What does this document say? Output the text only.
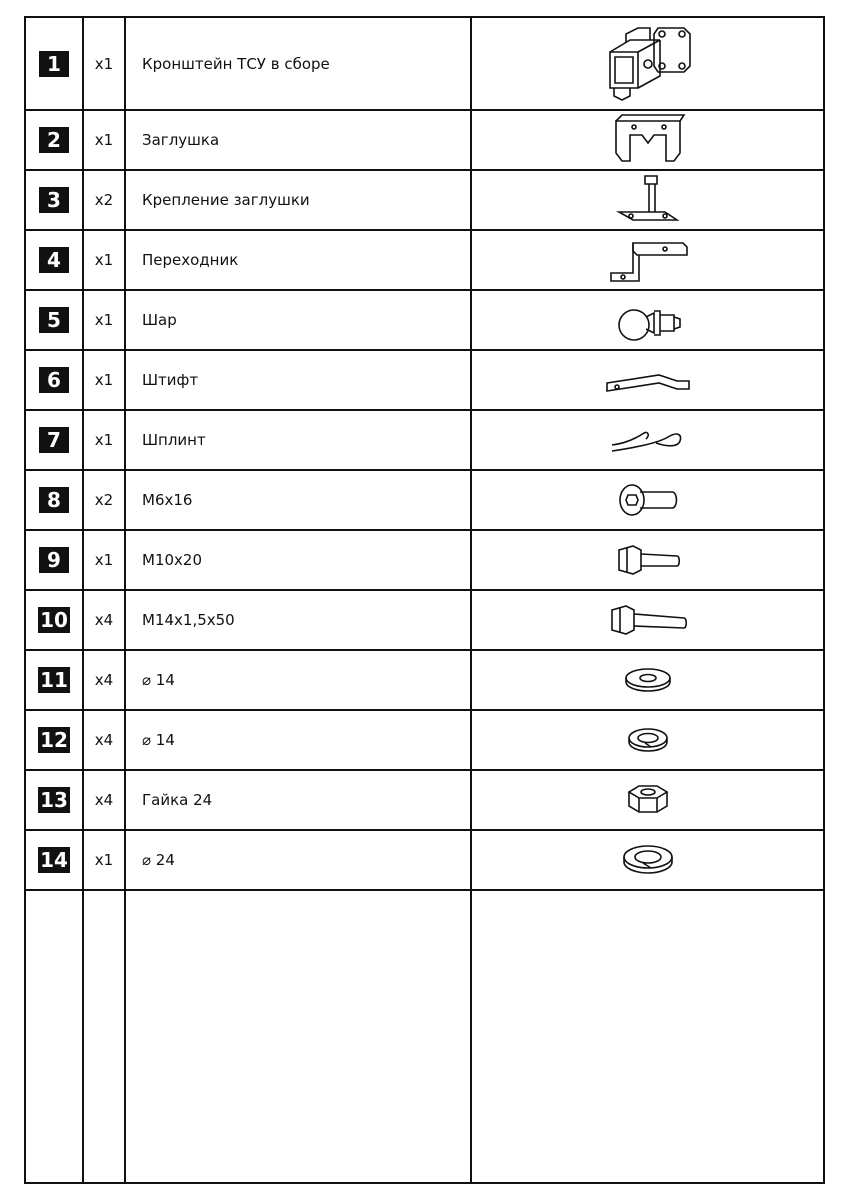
1	x1 Кронштейн ТСУ в сборе
2	x1 Заглушка
3	x2 Крепление заглушки
4	x1 Переходник
5	x1 Шар
6	x1 Штифт
7	x1 Шплинт
8	x2 М6х16
9	x1 М10х20
10 x4 М14х1,5х50
11 x4 ⌀ 14
12 x4 ⌀ 14
13 x4 Гайка 24
14 x1 ⌀ 24
